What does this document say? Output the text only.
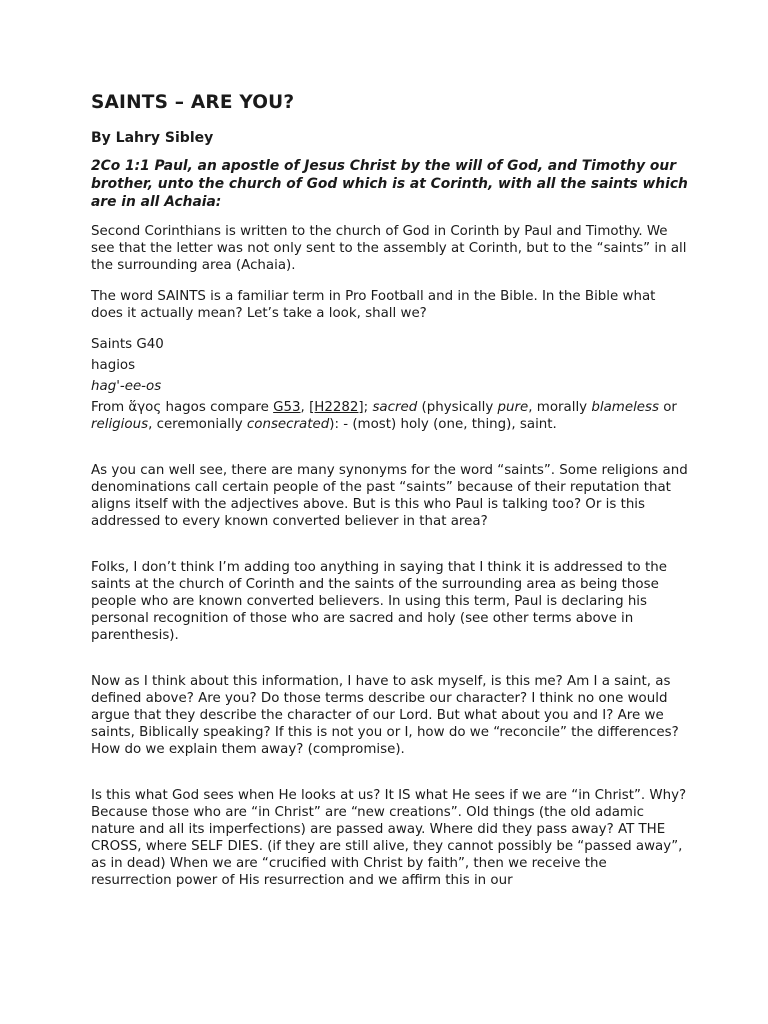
SAINTS – ARE YOU?
By Lahry Sibley
2Co 1:1 Paul, an apostle of Jesus Christ by the will of God, and Timothy our brother, unto the church of God which is at Corinth, with all the saints which are in all Achaia:

Second Corinthians is written to the church of God in Corinth by Paul and Timothy. We see that the letter was not only sent to the assembly at Corinth, but to the “saints” in all the surrounding area (Achaia).

The word SAINTS is a familiar term in Pro Football and in the Bible. In the Bible what does it actually mean? Let’s take a look, shall we?

Saints G40
hagios
hag'-ee-os
From ἅγος hagos compare G53, [H2282]; sacred (physically pure, morally blameless or religious, ceremonially consecrated): - (most) holy (one, thing), saint.

As you can well see, there are many synonyms for the word “saints”. Some religions and denominations call certain people of the past “saints” because of their reputation that aligns itself with the adjectives above. But is this who Paul is talking too? Or is this addressed to every known converted believer in that area?

Folks, I don’t think I’m adding too anything in saying that I think it is addressed to the saints at the church of Corinth and the saints of the surrounding area as being those people who are known converted believers. In using this term, Paul is declaring his personal recognition of those who are sacred and holy (see other terms above in parenthesis).

Now as I think about this information, I have to ask myself, is this me? Am I a saint, as defined above? Are you? Do those terms describe our character? I think no one would argue that they describe the character of our Lord. But what about you and I? Are we saints, Biblically speaking? If this is not you or I, how do we “reconcile” the differences? How do we explain them away? (compromise).

Is this what God sees when He looks at us? It IS what He sees if we are “in Christ”. Why? Because those who are “in Christ” are “new creations”. Old things (the old adamic nature and all its imperfections) are passed away. Where did they pass away? AT THE CROSS, where SELF DIES. (if they are still alive, they cannot possibly be “passed away”, as in dead) When we are “crucified with Christ by faith”, then we receive the resurrection power of His resurrection and we affirm this in our
